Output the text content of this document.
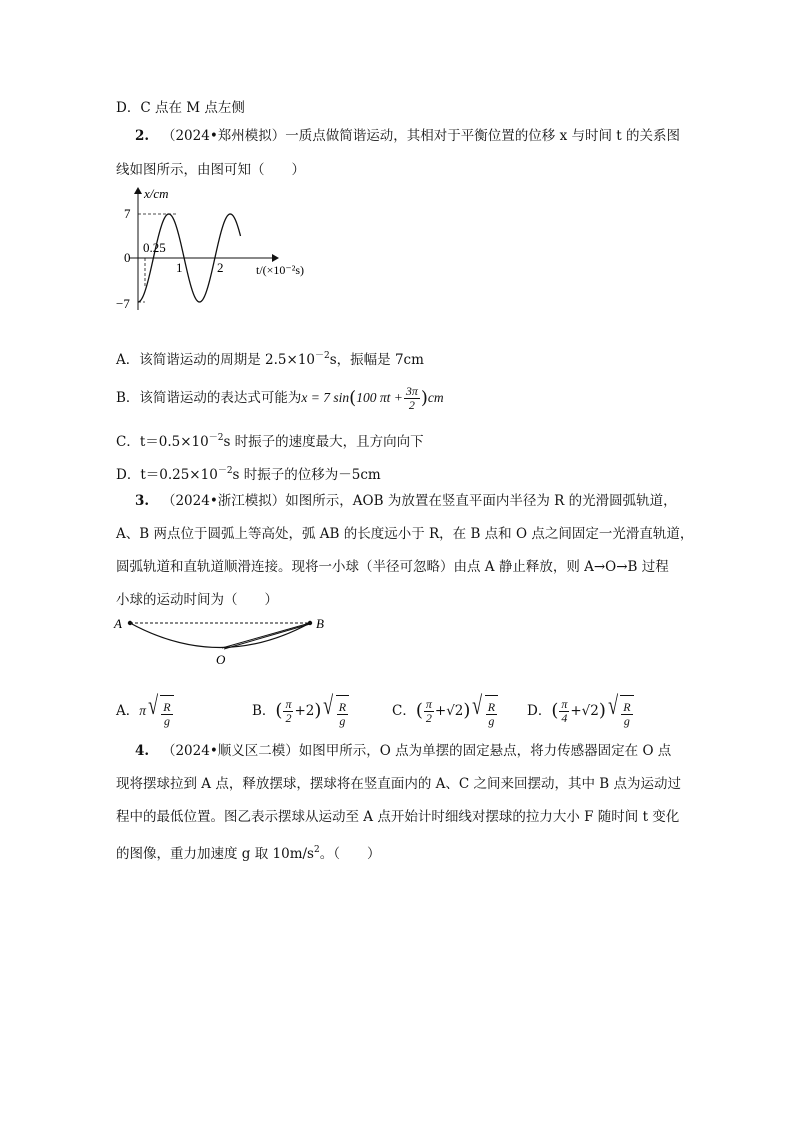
D．C 点在 M 点左侧
2. （2024•郑州模拟）一质点做简谐运动，其相对于平衡位置的位移 x 与时间 t 的关系图
线如图所示，由图可知（　　）
x/cm
t/(×10⁻²s)
7
0
−7
1	2
0.25
A．该简谐运动的周期是 $2.5\times 10^{-2}s$，振幅是 7cm
B．该简谐运动的表达式可能为x = 7 sin(100 $\pi t + \frac{3\pi}{2} )cm$
C．$t=0.5\times 10^{-2}s$ 时振子的速度最大，且方向向下
D．$t=0.25\times 10^{-2}s$ 时振子的位移为－5cm
3. （2024•浙江模拟）如图所示，AOB 为放置在竖直平面内半径为 R 的光滑圆弧轨道，
A、B 两点位于圆弧上等高处，弧 AB 的长度远小于 R，在 B 点和 O 点之间固定一光滑直轨道，
圆弧轨道和直轨道顺滑连接。现将一小球（半径可忽略）由点 A 静止释放，则 A→O→B 过程
小球的运动时间为（　　）
A	B
O
A． π √ $\frac{R}{g}$	B． ( $\frac{\pi}{2} +2$ ) √ $\frac{R}{g}$	C． ( $\frac{\pi}{2} +√2$ ) √ $\frac{R}{g}$ D． ( $\frac{\pi}{4} +√2$ ) √ $\frac{R}{g}$
4. （2024•顺义区二模）如图甲所示，O 点为单摆的固定悬点，将力传感器固定在 O 点
现将摆球拉到 A 点，释放摆球，摆球将在竖直面内的 A、C 之间来回摆动，其中 B 点为运动过
程中的最低位置。图乙表示摆球从运动至 A 点开始计时细线对摆球的拉力大小 F 随时间 t 变化
的图像，重力加速度 g 取 $10m/s^2$。（　　）
